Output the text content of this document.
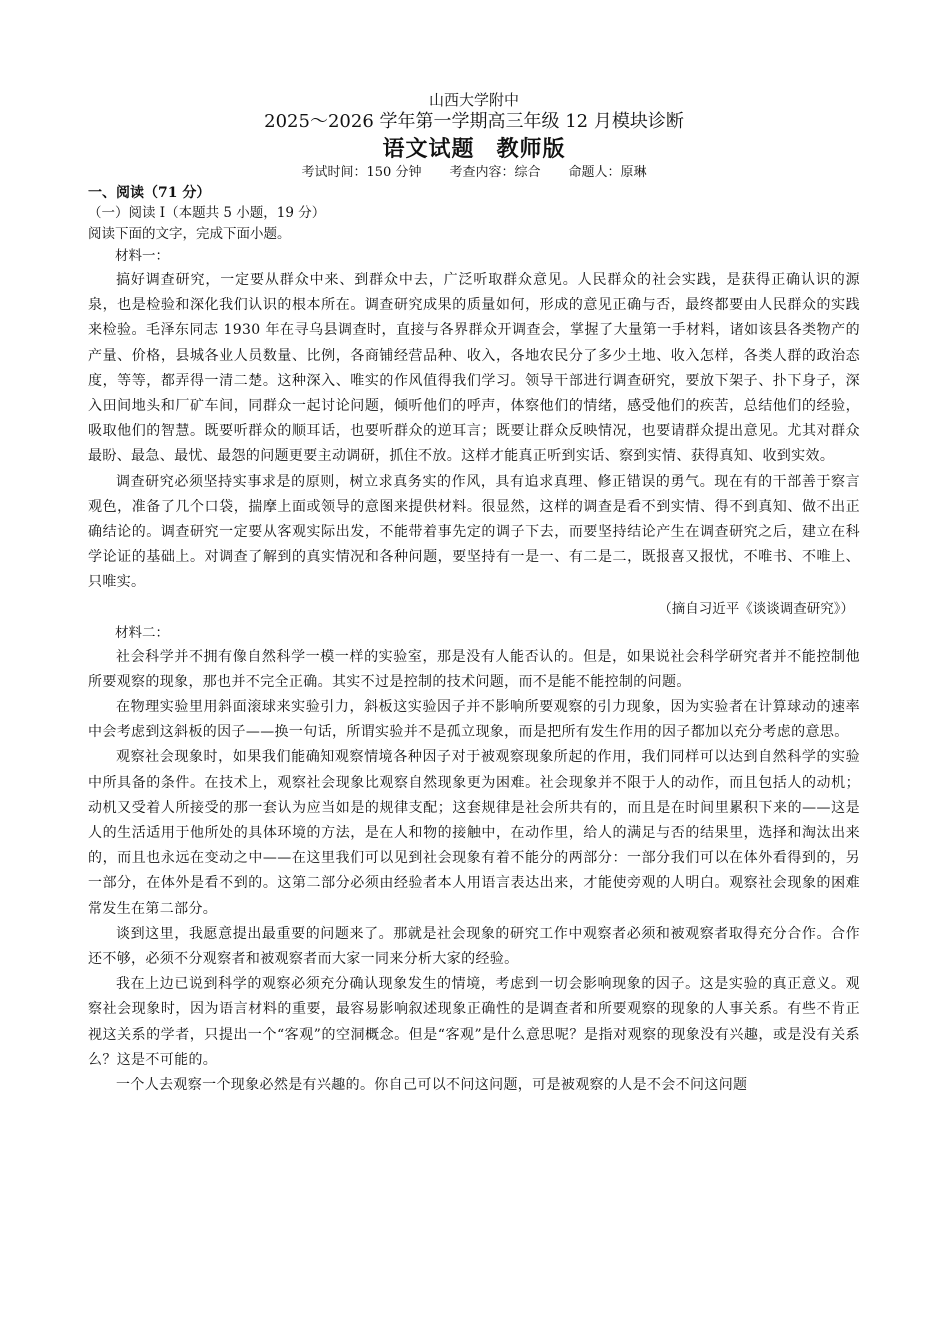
山西大学附中
2025～2026 学年第一学期高三年级 12 月模块诊断
语文试题 教师版
考试时间：150 分钟 考查内容：综合 命题人：原琳
一、阅读（71 分）
（一）阅读 I（本题共 5 小题，19 分）
阅读下面的文字，完成下面小题。
材料一：

搞好调查研究，一定要从群众中来、到群众中去，广泛听取群众意见。人民群众的社会实践，是获得正确认识的源泉，也是检验和深化我们认识的根本所在。调查研究成果的质量如何，形成的意见正确与否，最终都要由人民群众的实践来检验。毛泽东同志 1930 年在寻乌县调查时，直接与各界群众开调查会，掌握了大量第一手材料，诸如该县各类物产的产量、价格，县城各业人员数量、比例，各商铺经营品种、收入，各地农民分了多少土地、收入怎样，各类人群的政治态度，等等，都弄得一清二楚。这种深入、唯实的作风值得我们学习。领导干部进行调查研究，要放下架子、扑下身子，深入田间地头和厂矿车间，同群众一起讨论问题，倾听他们的呼声，体察他们的情绪，感受他们的疾苦，总结他们的经验，吸取他们的智慧。既要听群众的顺耳话，也要听群众的逆耳言；既要让群众反映情况，也要请群众提出意见。尤其对群众最盼、最急、最忧、最怨的问题更要主动调研，抓住不放。这样才能真正听到实话、察到实情、获得真知、收到实效。

调查研究必须坚持实事求是的原则，树立求真务实的作风，具有追求真理、修正错误的勇气。现在有的干部善于察言观色，准备了几个口袋，揣摩上面或领导的意图来提供材料。很显然，这样的调查是看不到实情、得不到真知、做不出正确结论的。调查研究一定要从客观实际出发，不能带着事先定的调子下去，而要坚持结论产生在调查研究之后，建立在科学论证的基础上。对调查了解到的真实情况和各种问题，要坚持有一是一、有二是二，既报喜又报忧，不唯书、不唯上、只唯实。

（摘自习近平《谈谈调查研究》）
材料二：

社会科学并不拥有像自然科学一模一样的实验室，那是没有人能否认的。但是，如果说社会科学研究者并不能控制他所要观察的现象，那也并不完全正确。其实不过是控制的技术问题，而不是能不能控制的问题。

在物理实验里用斜面滚球来实验引力，斜板这实验因子并不影响所要观察的引力现象，因为实验者在计算球动的速率中会考虑到这斜板的因子——换一句话，所谓实验并不是孤立现象，而是把所有发生作用的因子都加以充分考虑的意思。

观察社会现象时，如果我们能确知观察情境各种因子对于被观察现象所起的作用，我们同样可以达到自然科学的实验中所具备的条件。在技术上，观察社会现象比观察自然现象更为困难。社会现象并不限于人的动作，而且包括人的动机；动机又受着人所接受的那一套认为应当如是的规律支配；这套规律是社会所共有的，而且是在时间里累积下来的——这是人的生活适用于他所处的具体环境的方法，是在人和物的接触中，在动作里，给人的满足与否的结果里，选择和淘汰出来的，而且也永远在变动之中——在这里我们可以见到社会现象有着不能分的两部分：一部分我们可以在体外看得到的，另一部分，在体外是看不到的。这第二部分必须由经验者本人用语言表达出来，才能使旁观的人明白。观察社会现象的困难常发生在第二部分。

谈到这里，我愿意提出最重要的问题来了。那就是社会现象的研究工作中观察者必须和被观察者取得充分合作。合作还不够，必须不分观察者和被观察者而大家一同来分析大家的经验。

我在上边已说到科学的观察必须充分确认现象发生的情境，考虑到一切会影响现象的因子。这是实验的真正意义。观察社会现象时，因为语言材料的重要，最容易影响叙述现象正确性的是调查者和所要观察的现象的人事关系。有些不肯正视这关系的学者，只提出一个“客观”的空洞概念。但是“客观”是什么意思呢？是指对观察的现象没有兴趣，或是没有关系么？这是不可能的。

一个人去观察一个现象必然是有兴趣的。你自己可以不问这问题，可是被观察的人是不会不问这问题
